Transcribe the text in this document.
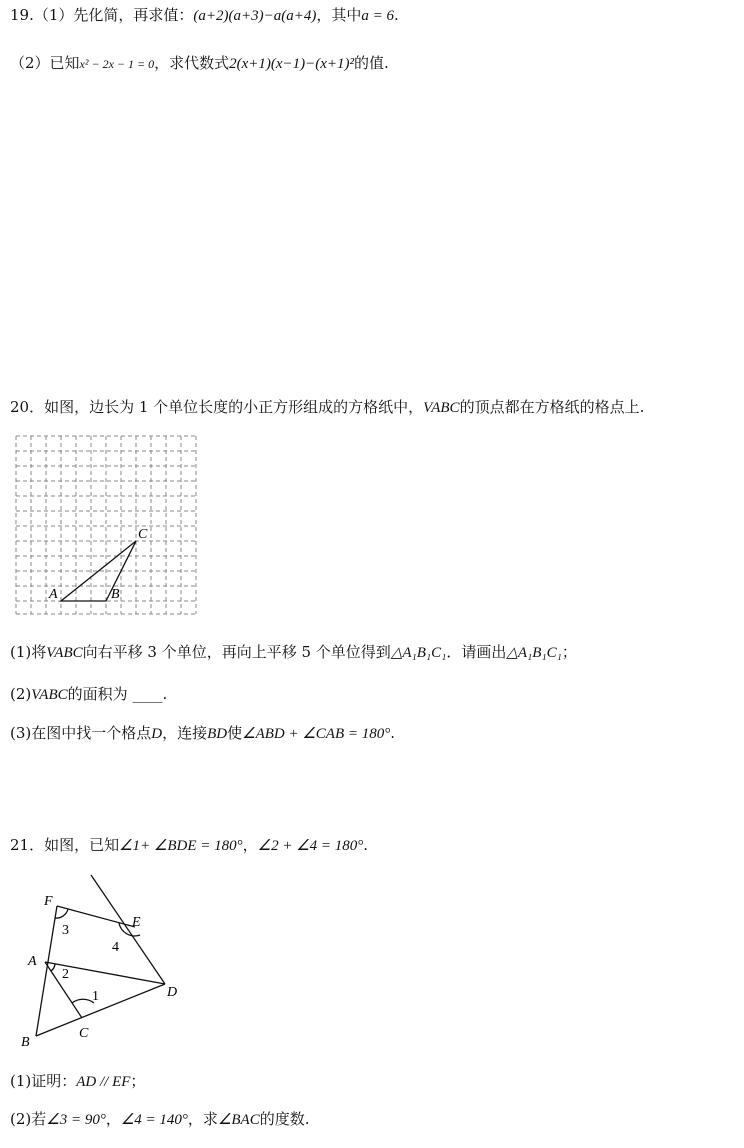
19.（1）先化简，再求值：(a+2)(a+3)−a(a+4)，其中a = 6.
（2）已知x² − 2x − 1 = 0，求代数式2(x+1)(x−1)−(x+1)²的值.
20．如图，边长为 1 个单位长度的小正方形组成的方格纸中，VABC的顶点都在方格纸的格点上.
A	B
C
(1)将VABC向右平移 3 个单位，再向上平移 5 个单位得到△A₁B₁C₁．请画出△A₁B₁C₁；
(2)VABC的面积为 ____.
(3)在图中找一个格点D，连接BD使∠ABD + ∠CAB = 180°.
21．如图，已知∠1+ ∠BDE = 180°，∠2 + ∠4 = 180°.
F
E
A
D
B
C
3
4
2
1
(1)证明：AD // EF；
(2)若∠3 = 90°，∠4 = 140°，求∠BAC的度数.
